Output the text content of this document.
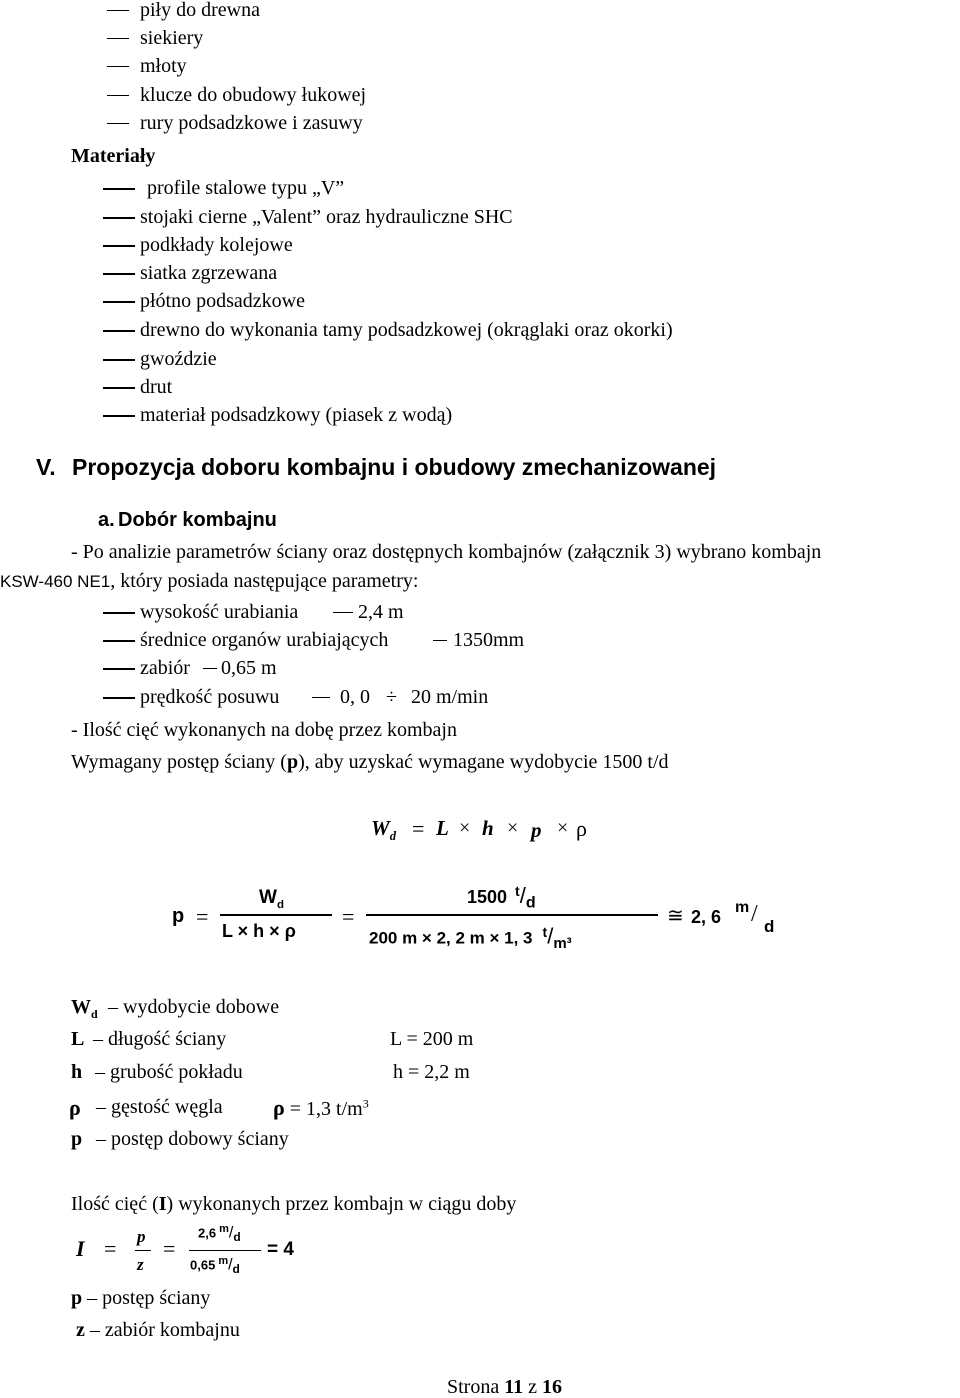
piły do drewna
siekiery
młoty
klucze do obudowy łukowej
rury podsadzkowe i zasuwy
Materiały
profile stalowe typu „V”
stojaki cierne „Valent” oraz hydrauliczne SHC
podkłady kolejowe
siatka zgrzewana
płótno podsadzkowe
drewno do wykonania tamy podsadzkowej (okrąglaki oraz okorki)
gwoździe
drut
materiał podsadzkowy (piasek z wodą)
V. Propozycja doboru kombajnu i obudowy zmechanizowanej
a. Dobór kombajnu
- Po analizie parametrów ściany oraz dostępnych kombajnów (załącznik 3) wybrano kombajn
KSW-460 NE1, który posiada następujące parametry:
wysokość urabiania	2,4 m
średnice organów urabiających	1350mm
zabiór 0,65 m
prędkość posuwu	0, 0 ÷ 20 m/min
- Ilość cięć wykonanych na dobę przez kombajn
Wymagany postęp ściany (p), aby uzyskać wymagane wydobycie 1500 t/d
$W_d = L \times h \times p \times \rho$
p =
$W_d$
L × h × ρ
=
1500 $^t$/d
200 m × 2, 2 m × 1, 3 $^t$/m³
≅ 2, 6 m / d
$W_d$ – wydobycie dobowe
L – długość ściany	L = 200 m
h – grubość pokładu	h = 2,2 m
ρ – gęstość węgla ρ = 1,3 $t/m^3$
p – postęp dobowy ściany
Ilość cięć (I) wykonanych przez kombajn w ciągu doby
I = p
z
=
2,6 $^m$/d
0,65 $^m$/d
= 4
p – postęp ściany
z – zabiór kombajnu
Strona 11 z 16
